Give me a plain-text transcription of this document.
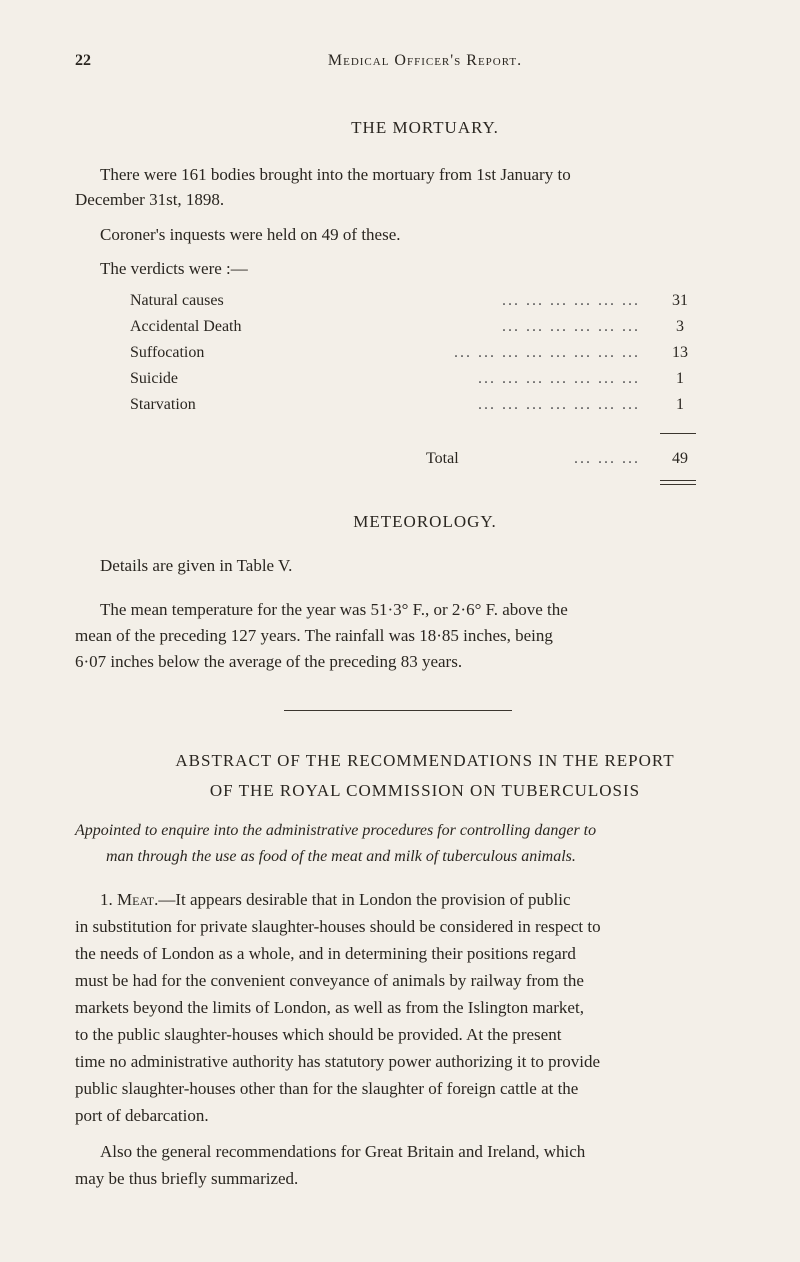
22	Medical Officer's Report.
THE MORTUARY.
There were 161 bodies brought into the mortuary from 1st January to
December 31st, 1898.
Coroner's inquests were held on 49 of these.
The verdicts were :—
Natural causes	... ... ... ... ... ...	31
Accidental Death	... ... ... ... ... ...	3
Suffocation	... ... ... ... ... ... ... ...	13
Suicide	... ... ... ... ... ... ...	1
Starvation	... ... ... ... ... ... ...	1
Total	... ... ...	49
METEOROLOGY.
Details are given in Table V.
The mean temperature for the year was 51·3° F., or 2·6° F. above the
mean of the preceding 127 years. The rainfall was 18·85 inches, being
6·07 inches below the average of the preceding 83 years.
ABSTRACT OF THE RECOMMENDATIONS IN THE REPORT
OF THE ROYAL COMMISSION ON TUBERCULOSIS
Appointed to enquire into the administrative procedures for controlling danger to
man through the use as food of the meat and milk of tuberculous animals.
1. Meat.—It appears desirable that in London the provision of public
in substitution for private slaughter-houses should be considered in respect to
the needs of London as a whole, and in determining their positions regard
must be had for the convenient conveyance of animals by railway from the
markets beyond the limits of London, as well as from the Islington market,
to the public slaughter-houses which should be provided. At the present
time no administrative authority has statutory power authorizing it to provide
public slaughter-houses other than for the slaughter of foreign cattle at the
port of debarcation.
Also the general recommendations for Great Britain and Ireland, which
may be thus briefly summarized.
